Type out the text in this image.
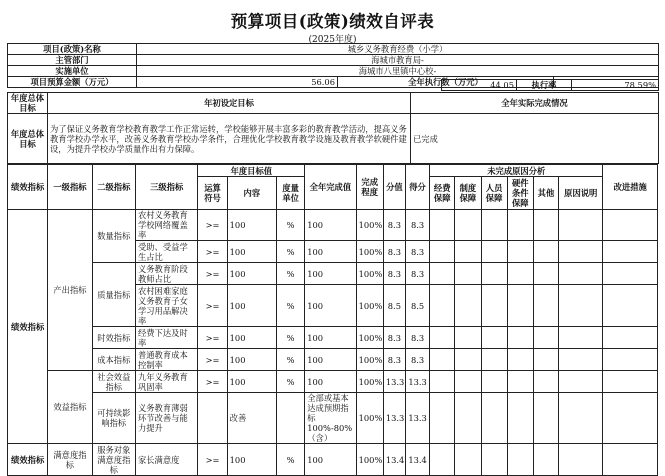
预算项目(政策)绩效自评表
(2025年度)
项目(政策)名称	城乡义务教育经费（小学）		
主管部门	海城市教育局-		
实施单位	海城市八里镇中心校-		
项目预算金额（万元）	56.06	全年执行数（万元）	44.05	执行率	78.59%
年度总体目标	年初设定目标	全年实际完成情况
年度总体目标	为了保证义务教育学校教育教学工作正常运转，学校能够开展丰富多彩的教育教学活动，提高义务教育学校办学水平，改善义务教育学校办学条件，合理优化学校教育教学设施及教育教学软硬件建设，为提升学校办学质量作出有力保障。	已完成
绩效指标	一级指标	二级指标	三级指标	年度目标值			全年完成值	完成程度	分值	得分	未完成原因分析						改进措施
				运算符号	内容	度量单位					经费保障	制度保障	人员保障	硬件条件保障	其他	原因说明	
绩效指标	产出指标	数量指标	农村义务教育学校网络覆盖率	>=	100	%	100	100%	8.3	8.3							
			受助、受益学生占比	>=	100	%	100	100%	8.3	8.3							
		质量指标	义务教育阶段教师占比	>=	100	%	100	100%	8.3	8.3							
			农村困难家庭义务教育子女学习用品解决率	>=	100	%	100	100%	8.5	8.5							
		时效指标	经费下达及时率	>=	100	%	100	100%	8.3	8.3							
		成本指标	普通教育成本控制率	>=	100	%	100	100%	8.3	8.3							
	效益指标	社会效益指标	九年义务教育巩固率	>=	100	%	100	100%	13.3	13.3							
		可持续影响指标	义务教育薄弱环节改善与能力提升		改善		全部或基本达成预期指标100%-80%（含）	100%	13.3	13.3							
绩效指标	满意度指标	服务对象满意度指标	家长满意度	>=	100	%	100	100%	13.4	13.4							
